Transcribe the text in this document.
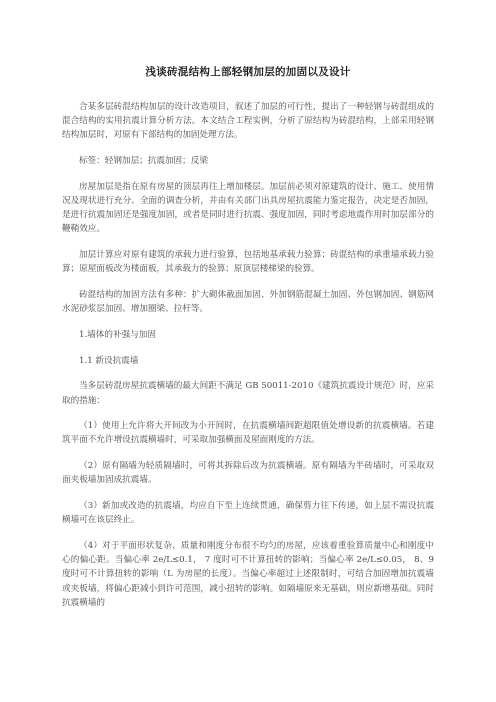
浅谈砖混结构上部轻钢加层的加固以及设计

合某多层砖混结构加层的设计改造项目，叙述了加层的可行性，提出了一种轻钢与砖混组成的混合结构的实用抗震计算分析方法。本文结合工程实例，分析了原结构为砖混结构，上部采用轻钢结构加层时，对原有下部结构的加固处理方法。

标签：轻钢加层；抗震加固；反梁

房屋加层是指在原有房屋的顶层再往上增加楼层。加层前必须对原建筑的设计、施工、使用情况及现状进行充分、全面的调查分析，并由有关部门出具房屋抗震能力鉴定报告，决定是否加固，是进行抗震加固还是强度加固，或者是同时进行抗震、强度加固，同时考虑地震作用时加层部分的鞭鞘效应。

加层计算应对原有建筑的承载力进行验算，包括地基承载力验算；砖混结构的承重墙承载力验算；原屋面板改为楼面板，其承载力的验算；原顶层楼梯梁的验算。

砖混结构的加固方法有多种：扩大砌体截面加固、外加钢筋混凝土加固、外包钢加固、钢筋网水泥砂浆层加固、增加圈梁、拉杆等。

1.墙体的补强与加固

1.1 新设抗震墙

当多层砖混房屋抗震横墙的最大间距不满足 GB 50011-2010《建筑抗震设计规范》时，应采取的措施：

（1）使用上允许将大开间改为小开间时，在抗震横墙间距超限值处增设新的抗震横墙。若建筑平面不允许增设抗震横墙时，可采取加强横面及屋面刚度的方法。

（2）原有隔墙为轻质隔墙时，可将其拆除后改为抗震横墙。原有隔墙为半砖墙时，可采取双面夹板墙加固成抗震墙。

（3）新加或改造的抗震墙，均应自下至上连续贯通，确保剪力往下传递，如上层不需设抗震横墙可在该层终止。

（4）对于平面形状复杂、质量和刚度分布很不均匀的房屋，应该着重验算质量中心和刚度中心的偏心距。当偏心率 2e/L≤0.1， 7 度时可不计算扭转的影响；当偏心率 2e/L≤0.05， 8、9 度时可不计算扭转的影响（L 为房屋的长度）。当偏心率超过上述限制时，可结合加固增加抗震墙或夹板墙，将偏心距减小到许可范围，减小扭转的影响。如隔墙原来无基础，则应新增基础。同时抗震横墙的
